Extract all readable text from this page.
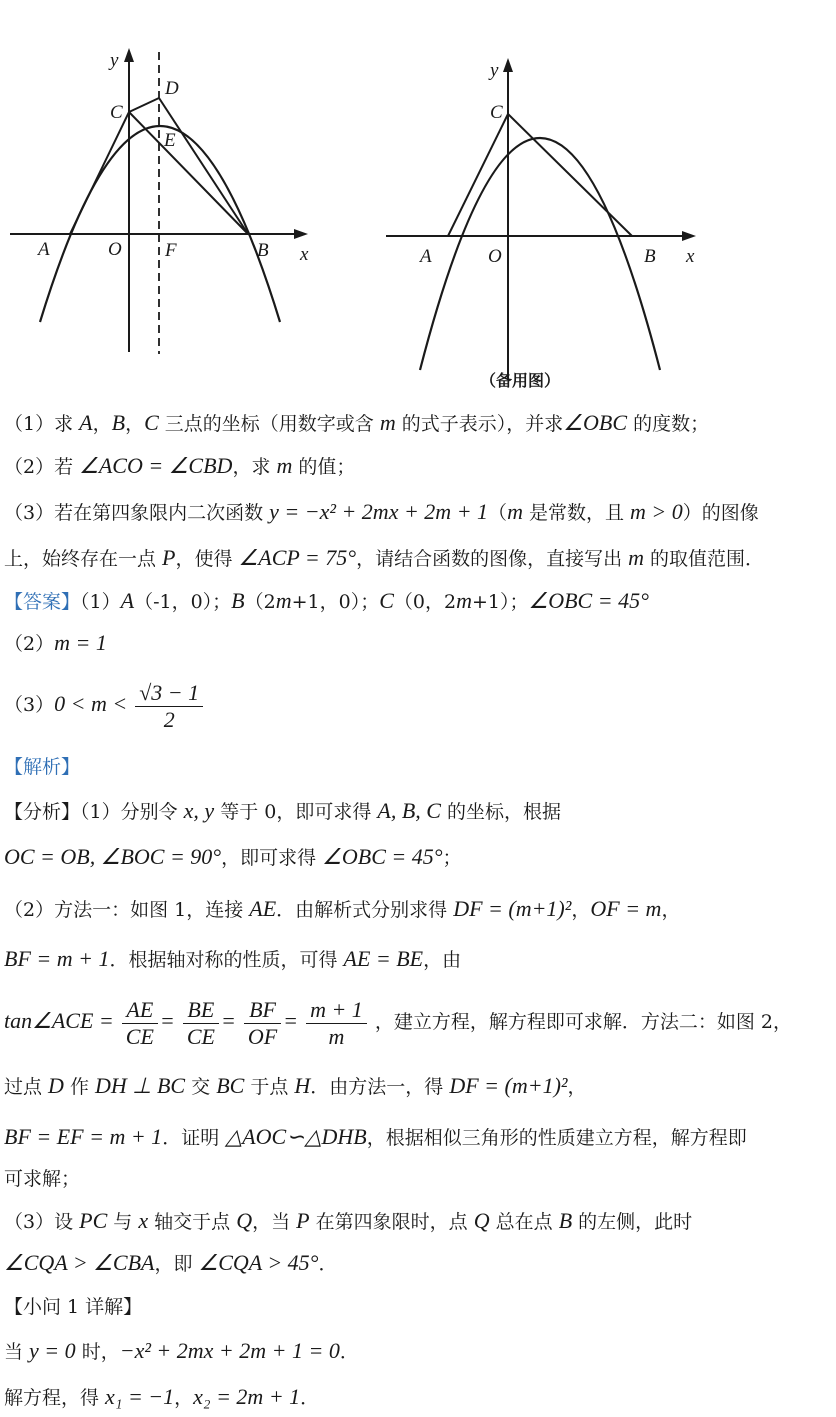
y
x
A	O F	B
C
D
E
y
x
A	O	B
C
（备用图）
（1）求 A，B，C 三点的坐标（用数字或含 m 的式子表示），并求∠OBC 的度数；
（2）若 ∠ACO = ∠CBD，求 m 的值；
（3）若在第四象限内二次函数 y = −x² + 2mx + 2m + 1（m 是常数，且 m > 0）的图像
上，始终存在一点 P，使得 ∠ACP = 75°，请结合函数的图像，直接写出 m 的取值范围．
【答案】（1）A（-1，0）；B（2m+1，0）；C（0，2m+1）；∠OBC = 45°
（2）m = 1
$(3)0 < m < \frac{√3 - 1}{2}$
【解析】
【分析】（1）分别令 x, y 等于 0，即可求得 A, B, C 的坐标，根据
OC = OB, ∠BOC = 90°，即可求得 ∠OBC = 45°；
（2）方法一：如图 1，连接 AE．由解析式分别求得 DF = (m+1)²，OF = m，
BF = m + 1．根据轴对称的性质，可得 AE = BE，由
tan∠ACE = $\frac{AE}{CE} = \frac{BE}{CE} = \frac{BF}{OF} = \frac{m + 1}{m}$ ，建立方程，解方程即可求解．方法二：如图 2，
过点 D 作 DH ⊥ BC 交 BC 于点 H．由方法一，得 DF = (m+1)²，
BF = EF = m + 1．证明 △AOC∽△DHB，根据相似三角形的性质建立方程，解方程即
可求解；
（3）设 PC 与 x 轴交于点 Q，当 P 在第四象限时，点 Q 总在点 B 的左侧，此时
∠CQA > ∠CBA，即 ∠CQA > 45°．
【小问 1 详解】
当 y = 0 时，−x² + 2mx + 2m + 1 = 0．
解方程，得 x₁ = −1，x₂ = 2m + 1．
